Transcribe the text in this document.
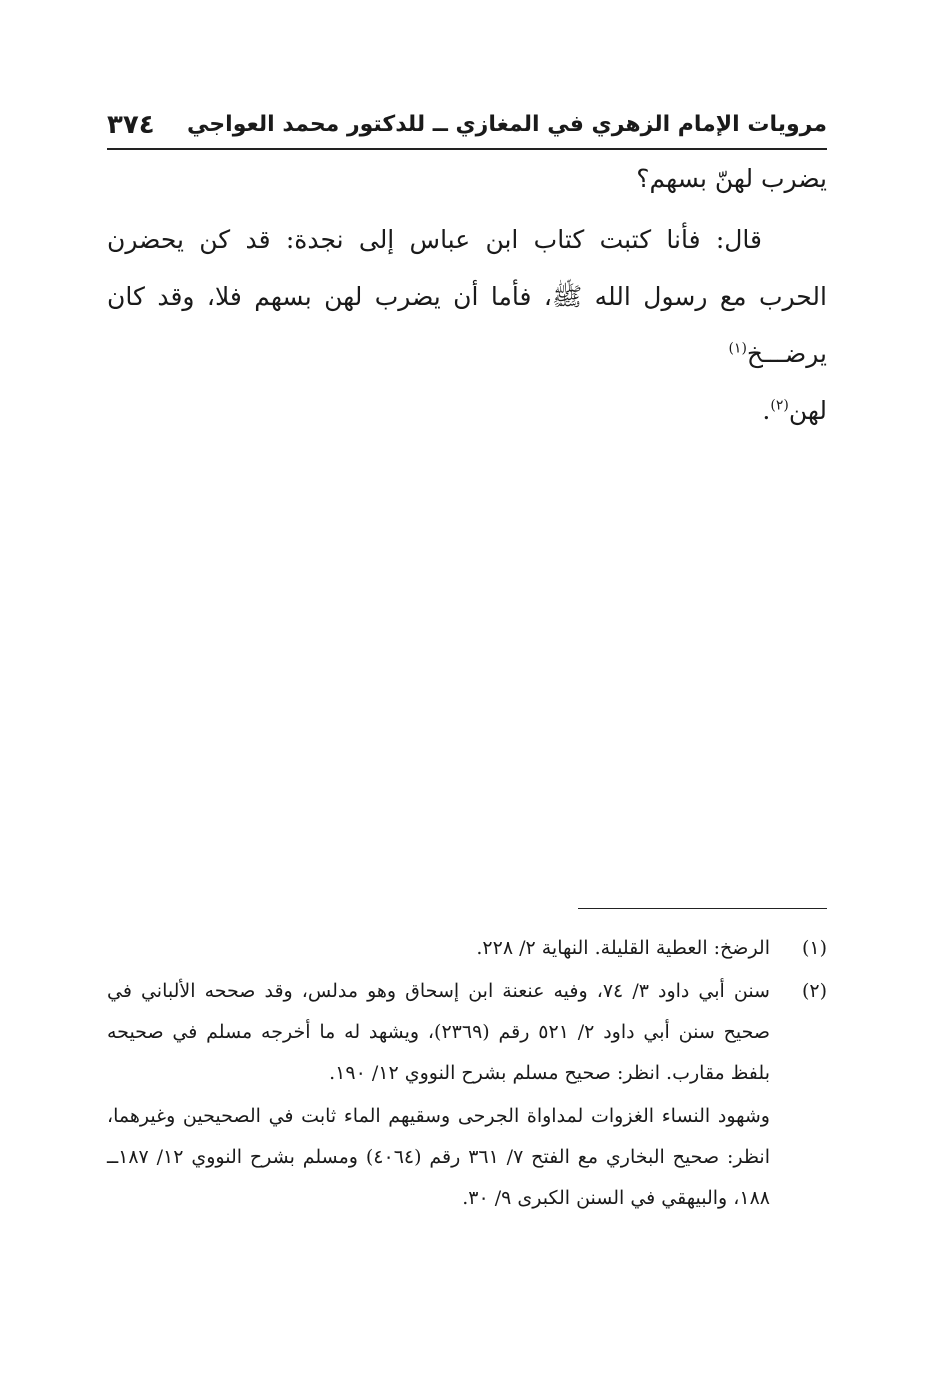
مرويات الإمام الزهري في المغازي ــ للدكتور محمد العواجي
٣٧٤

يضرب لهنّ بسهم؟

قال: فأنا كتبت كتاب ابن عباس إلى نجدة: قد كن يحضرن الحرب مع رسول الله ﷺ، فأما أن يضرب لهن بسهم فلا، وقد كان يرضـــخ$^{(١)}$

لهن$^{(٢)}$.

(١)

الرضخ: العطية القليلة. النهاية ٢/ ٢٢٨.

(٢)

سنن أبي داود ٣/ ٧٤، وفيه عنعنة ابن إسحاق وهو مدلس، وقد صححه الألباني في صحيح سنن أبي داود ٢/ ٥٢١ رقم (٢٣٦٩)، ويشهد له ما أخرجه مسلم في صحيحه بلفظ مقارب. انظر: صحيح مسلم بشرح النووي ١٢/ ١٩٠.

وشهود النساء الغزوات لمداواة الجرحى وسقيهم الماء ثابت في الصحيحين وغيرهما، انظر: صحيح البخاري مع الفتح ٧/ ٣٦١ رقم (٤٠٦٤) ومسلم بشرح النووي ١٢/ ١٨٧ــ ١٨٨، والبيهقي في السنن الكبرى ٩/ ٣٠.
